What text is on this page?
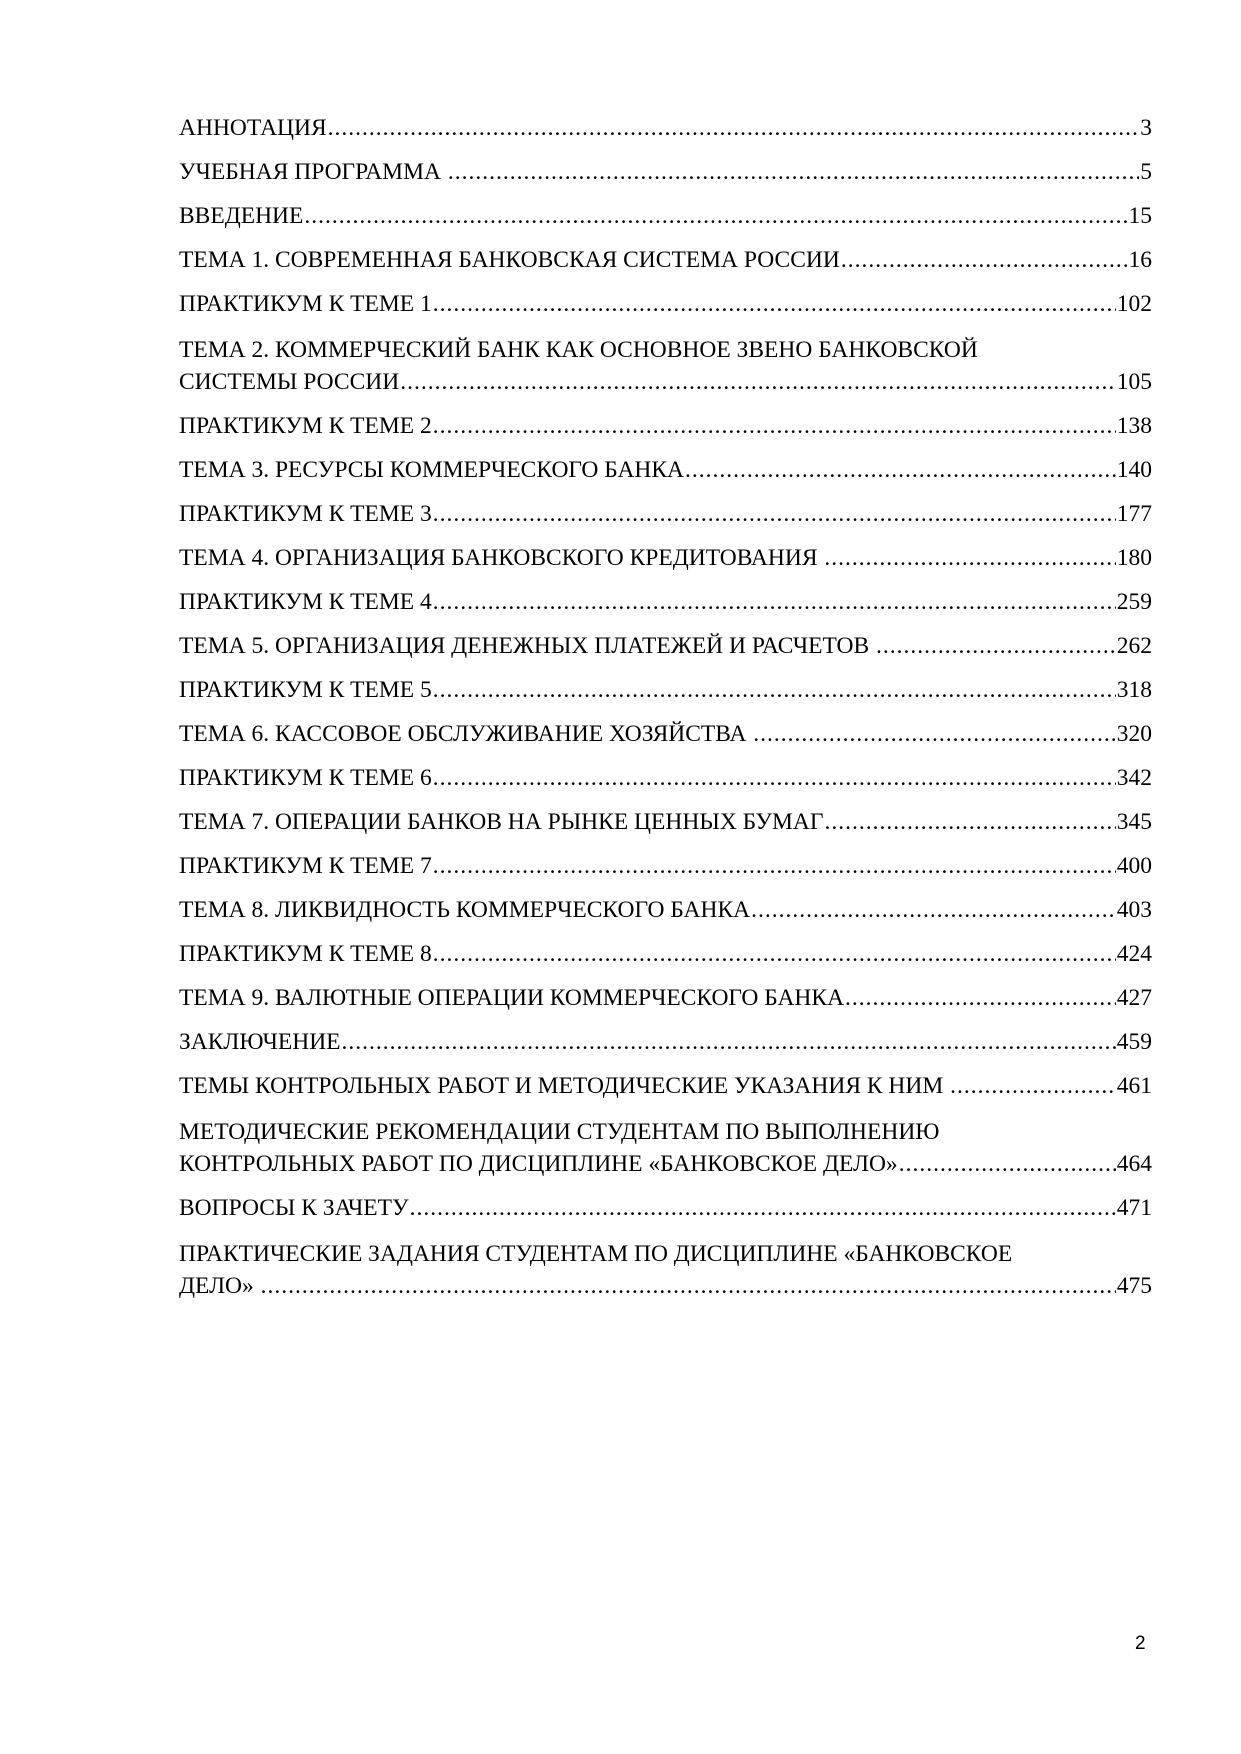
АННОТАЦИЯ .....	3
УЧЕБНАЯ ПРОГРАММА .....	5
ВВЕДЕНИЕ .....	15
ТЕМА 1. СОВРЕМЕННАЯ БАНКОВСКАЯ СИСТЕМА РОССИИ .....	16
ПРАКТИКУМ К ТЕМЕ 1 .....	102
ТЕМА 2. КОММЕРЧЕСКИЙ БАНК КАК ОСНОВНОЕ ЗВЕНО БАНКОВСКОЙ
СИСТЕМЫ РОССИИ .....	105
ПРАКТИКУМ К ТЕМЕ 2 .....	138
ТЕМА 3. РЕСУРСЫ КОММЕРЧЕСКОГО БАНКА .....	140
ПРАКТИКУМ К ТЕМЕ 3 .....	177
ТЕМА 4. ОРГАНИЗАЦИЯ БАНКОВСКОГО КРЕДИТОВАНИЯ .....	180
ПРАКТИКУМ К ТЕМЕ 4 .....	259
ТЕМА 5. ОРГАНИЗАЦИЯ ДЕНЕЖНЫХ ПЛАТЕЖЕЙ И РАСЧЕТОВ .....	262
ПРАКТИКУМ К ТЕМЕ 5 .....	318
ТЕМА 6. КАССОВОЕ ОБСЛУЖИВАНИЕ ХОЗЯЙСТВА .....	320
ПРАКТИКУМ К ТЕМЕ 6 .....	342
ТЕМА 7. ОПЕРАЦИИ БАНКОВ НА РЫНКЕ ЦЕННЫХ БУМАГ .....	345
ПРАКТИКУМ К ТЕМЕ 7 .....	400
ТЕМА 8. ЛИКВИДНОСТЬ КОММЕРЧЕСКОГО БАНКА .....	403
ПРАКТИКУМ К ТЕМЕ 8 .....	424
ТЕМА 9. ВАЛЮТНЫЕ ОПЕРАЦИИ КОММЕРЧЕСКОГО БАНКА .....	427
ЗАКЛЮЧЕНИЕ .....	459
ТЕМЫ КОНТРОЛЬНЫХ РАБОТ И МЕТОДИЧЕСКИЕ УКАЗАНИЯ К НИМ .....	461
МЕТОДИЧЕСКИЕ РЕКОМЕНДАЦИИ СТУДЕНТАМ ПО ВЫПОЛНЕНИЮ
КОНТРОЛЬНЫХ РАБОТ ПО ДИСЦИПЛИНЕ «БАНКОВСКОЕ ДЕЛО» .....	464
ВОПРОСЫ К ЗАЧЕТУ .....	471
ПРАКТИЧЕСКИЕ ЗАДАНИЯ СТУДЕНТАМ ПО ДИСЦИПЛИНЕ «БАНКОВСКОЕ
ДЕЛО» .....	475
2
